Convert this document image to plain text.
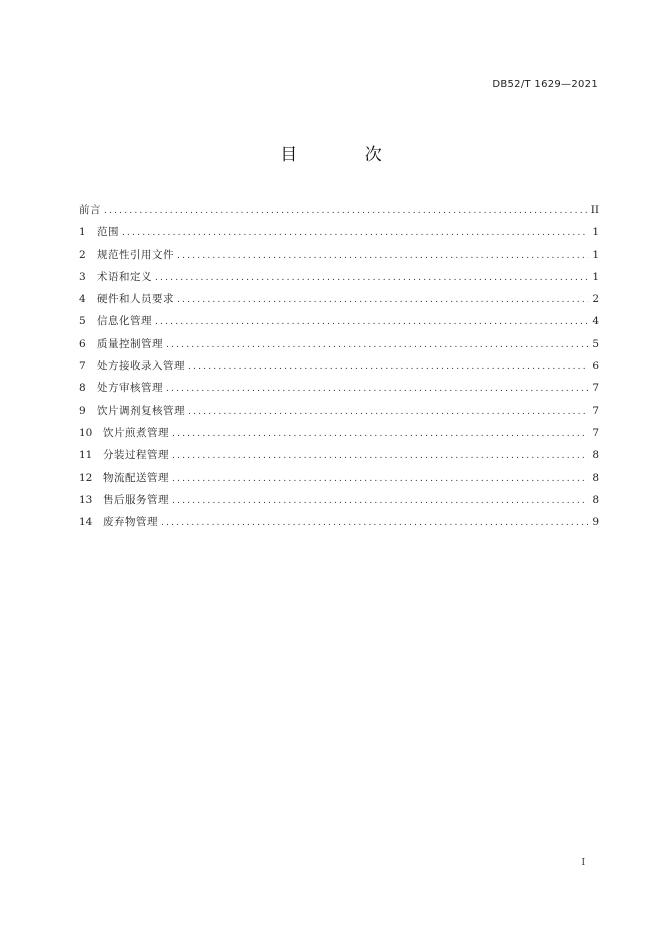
DB52/T 1629—2021
目 次
前言 .....	II
1	范围 .....	1
2	规范性引用文件 .....	1
3	术语和定义 .....	1
4	硬件和人员要求 .....	2
5	信息化管理 .....	4
6	质量控制管理 .....	5
7	处方接收录入管理 .....	6
8	处方审核管理 .....	7
9	饮片调剂复核管理 .....	7
10	饮片煎煮管理 .....	7
11	分装过程管理 .....	8
12	物流配送管理 .....	8
13	售后服务管理 .....	8
14	废弃物管理 .....	9
I
